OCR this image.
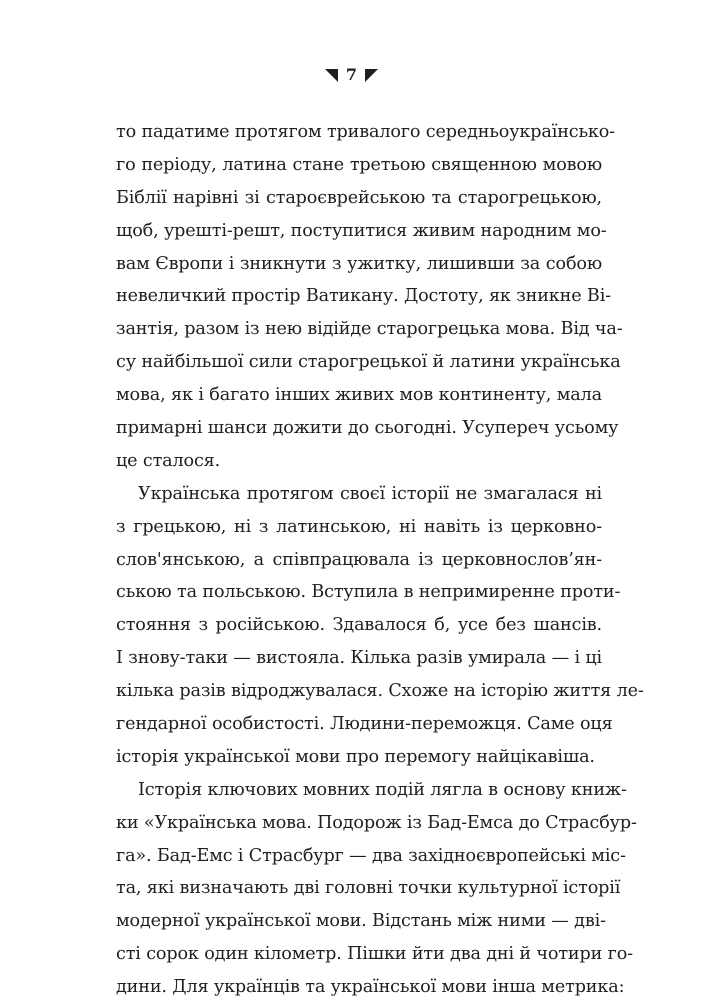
7
то падатиме протягом тривалого середньоукраїнсько-
го періоду, латина стане третьою священною мовою
Біблії нарівні зі староєврейською та старогрецькою,
щоб, урешті-решт, поступитися живим народним мо-
вам Європи і зникнути з ужитку, лишивши за собою
невеличкий простір Ватикану. Достоту, як зникне Ві-
зантія, разом із нею відійде старогрецька мова. Від ча-
су найбільшої сили старогрецької й латини українська
мова, як і багато інших живих мов континенту, мала
примарні шанси дожити до сьогодні. Усупереч усьому
це сталося.
Українська протягом своєї історії не змагалася ні
з грецькою, ні з латинською, ні навіть із церковно-
слов'янською, а співпрацювала із церковнослов’ян-
ською та польською. Вступила в непримиренне проти-
стояння з російською. Здавалося б, усе без шансів.
І знову-таки — вистояла. Кілька разів умирала — і ці
кілька разів відроджувалася. Схоже на історію життя ле-
гендарної особистості. Людини-переможця. Саме оця
історія української мови про перемогу найцікавіша.
Історія ключових мовних подій лягла в основу книж-
ки «Українська мова. Подорож із Бад-Емса до Страсбур-
га». Бад-Емс і Страсбург — два західноєвропейські міс-
та, які визначають дві головні точки культурної історії
модерної української мови. Відстань між ними — дві-
сті сорок один кілометр. Пішки йти два дні й чотири го-
дини. Для українців та української мови інша метрика:
